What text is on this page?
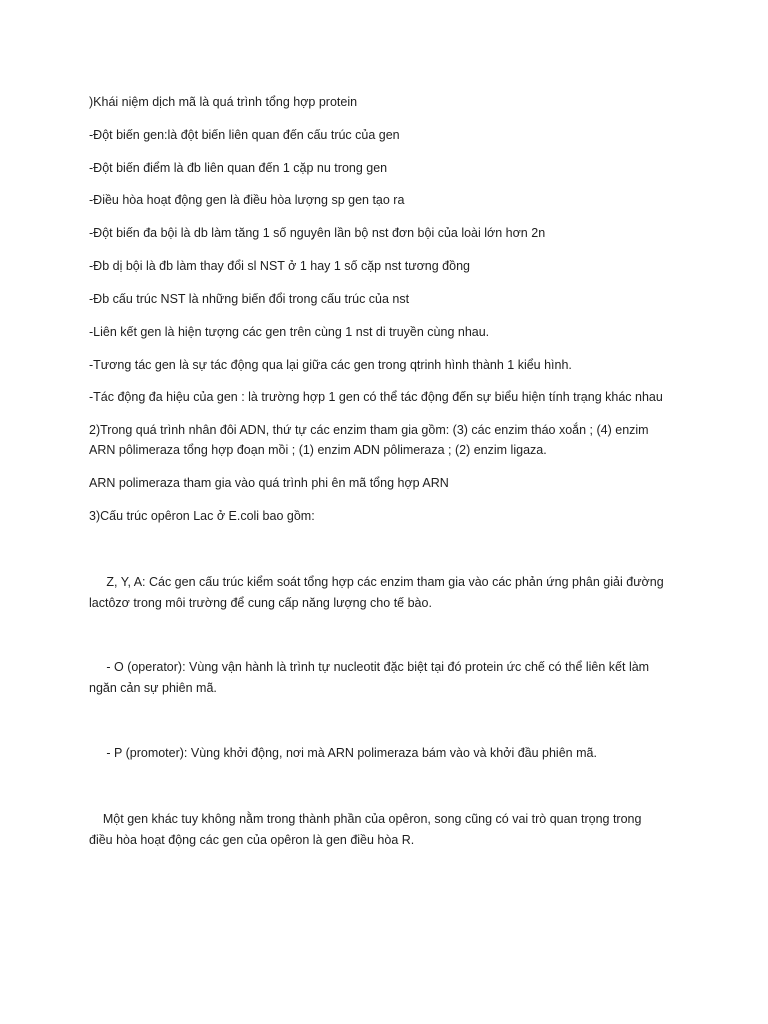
)Khái niệm dịch mã là quá trình tổng hợp protein

-Đột biến gen:là đột biến liên quan đến cấu trúc của gen

-Đột biến điểm là đb liên quan đến 1 cặp nu trong gen

-Điều hòa hoạt động gen là điều hòa lượng sp gen tạo ra

-Đột biến đa bội là db làm tăng 1 số nguyên lần bộ nst đơn bội của loài lớn hơn 2n

-Đb dị bội là đb làm thay đổi sl NST ở 1 hay 1 số cặp nst tương đồng

-Đb cấu trúc NST là những biến đổi trong cấu trúc của nst

-Liên kết gen là hiện tượng các gen trên cùng 1 nst di truyền cùng nhau.

-Tương tác gen là sự tác động qua lại giữa các gen trong qtrinh hình thành 1 kiểu hình.

-Tác động đa hiệu của gen : là trường hợp 1 gen có thể tác động đến sự biểu hiện tính trạng khác nhau

2)Trong quá trình nhân đôi ADN, thứ tự các enzim tham gia gồm: (3) các enzim tháo xoắn ; (4) enzim

ARN pôlimeraza tổng hợp đoạn mồi ; (1) enzim ADN pôlimeraza ; (2) enzim ligaza.

ARN polimeraza tham gia vào quá trình phi ên mã tổng hợp ARN

3)Cấu trúc opêron Lac ở E.coli bao gồm:

Z, Y, A: Các gen cấu trúc kiểm soát tổng hợp các enzim tham gia vào các phản ứng phân giải đường

lactôzơ trong môi trường để cung cấp năng lượng cho tế bào.

- O (operator): Vùng vận hành là trình tự nucleotit đặc biệt tại đó protein ức chế có thể liên kết làm

ngăn cản sự phiên mã.

- P (promoter): Vùng khởi động, nơi mà ARN polimeraza bám vào và khởi đầu phiên mã.

Một gen khác tuy không nằm trong thành phần của opêron, song cũng có vai trò quan trọng trong

điều hòa hoạt động các gen của opêron là gen điều hòa R.
